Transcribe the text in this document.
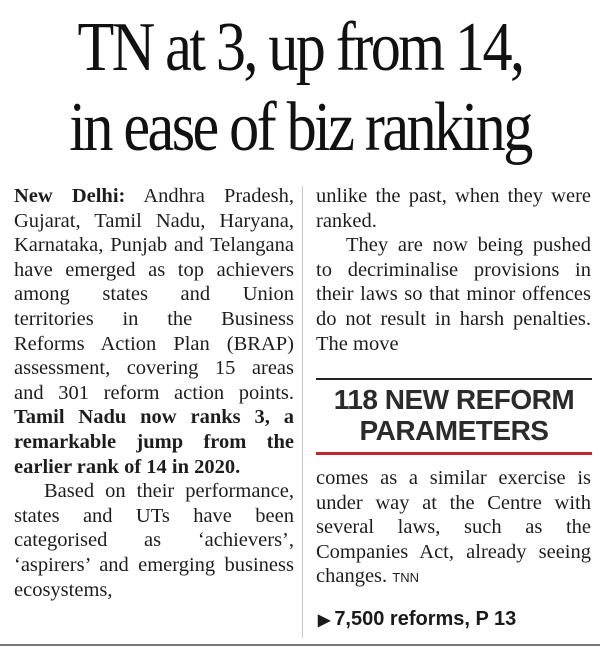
TN at 3, up from 14,
in ease of biz ranking

New Delhi: Andhra Pradesh, Gujarat, Tamil Nadu, Haryana, Karnataka, Punjab and Telangana have emerged as top achievers among states and Union territories in the Business Reforms Action Plan (BRAP) assessment, covering 15 areas and 301 reform action points. Tamil Nadu now ranks 3, a remarkable jump from the earlier rank of 14 in 2020.

Based on their performance, states and UTs have been categorised as ‘achievers’, ‘aspirers’ and emerging business ecosystems,

unlike the past, when they were ranked.

They are now being pushed to decriminalise provisions in their laws so that minor offences do not result in harsh penalties. The move

118 NEW REFORM
PARAMETERS

comes as a similar exercise is under way at the Centre with several laws, such as the Companies Act, already seeing changes. TNN

▶ 7,500 reforms, P 13
